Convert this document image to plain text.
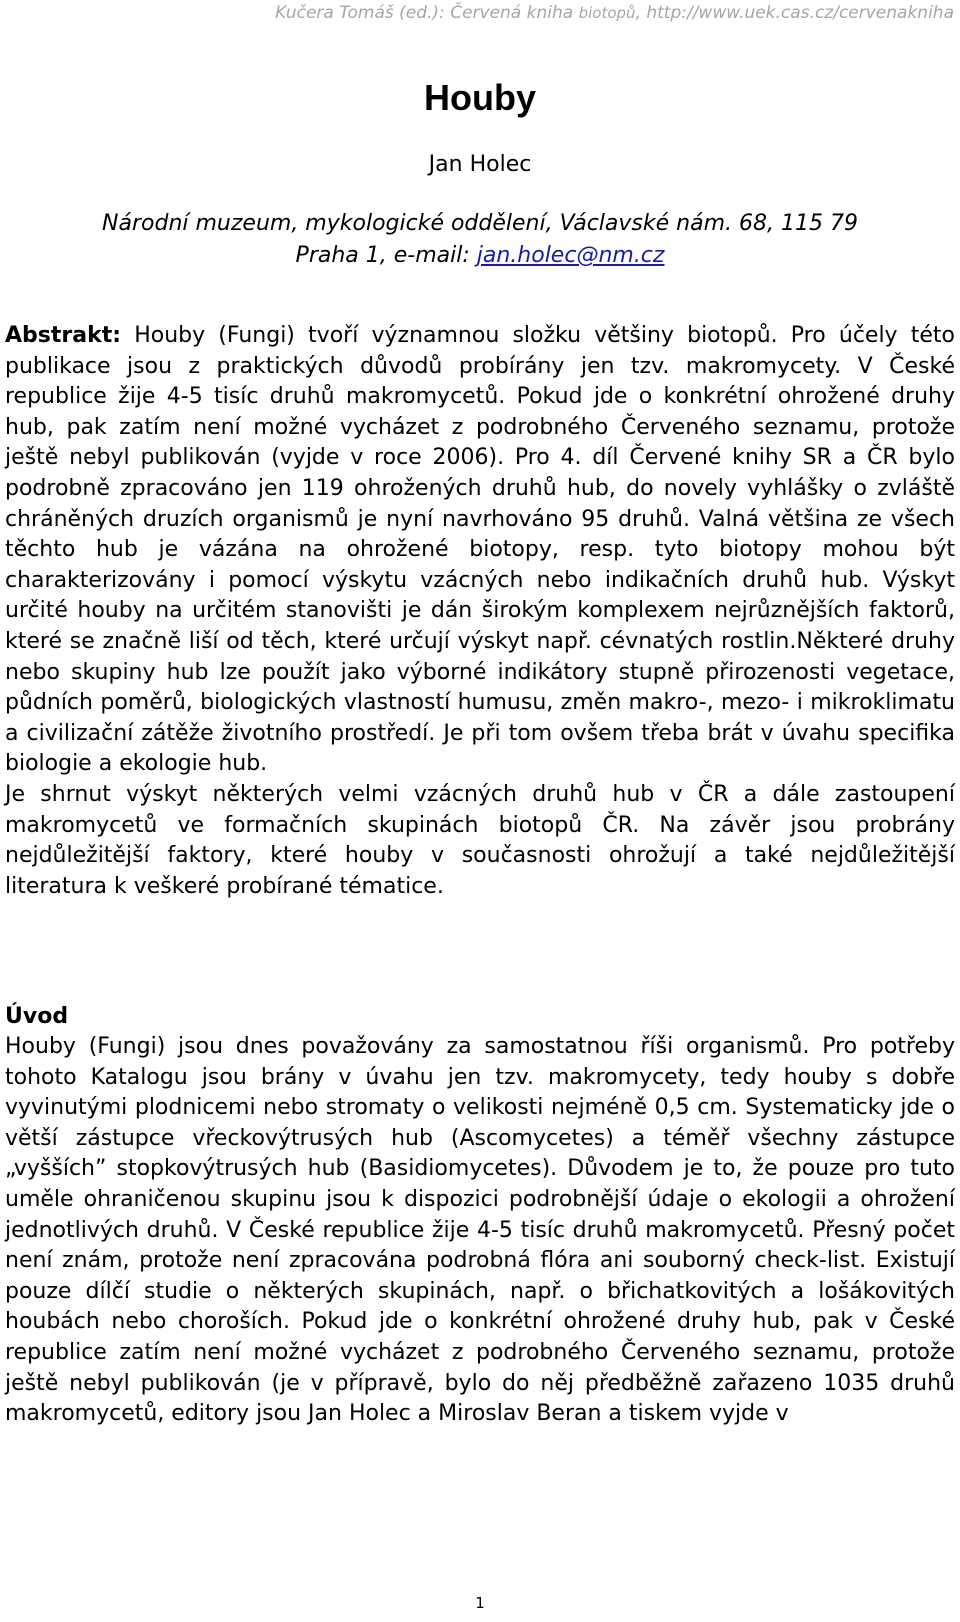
Kučera Tomáš (ed.): Červená kniha biotopů, http://www.uek.cas.cz/cervenakniha
Houby
Jan Holec
Národní muzeum, mykologické oddělení, Václavské nám. 68, 115 79
Praha 1, e-mail: jan.holec@nm.cz
Abstrakt: Houby (Fungi) tvoří významnou složku většiny biotopů. Pro účely této publikace jsou z praktických důvodů probírány jen tzv. makromycety. V České republice žije 4-5 tisíc druhů makromycetů. Pokud jde o konkrétní ohrožené druhy hub, pak zatím není možné vycházet z podrobného Červeného seznamu, protože ještě nebyl publikován (vyjde v roce 2006). Pro 4. díl Červené knihy SR a ČR bylo podrobně zpracováno jen 119 ohrožených druhů hub, do novely vyhlášky o zvláště chráněných druzích organismů je nyní navrhováno 95 druhů. Valná většina ze všech těchto hub je vázána na ohrožené biotopy, resp. tyto biotopy mohou být charakterizovány i pomocí výskytu vzácných nebo indikačních druhů hub. Výskyt určité houby na určitém stanovišti je dán širokým komplexem nejrůznějších faktorů, které se značně liší od těch, které určují výskyt např. cévnatých rostlin.Některé druhy nebo skupiny hub lze použít jako výborné indikátory stupně přirozenosti vegetace, půdních poměrů, biologických vlastností humusu, změn makro-, mezo- i mikroklimatu a civilizační zátěže životního prostředí. Je při tom ovšem třeba brát v úvahu specifika biologie a ekologie hub.
Je shrnut výskyt některých velmi vzácných druhů hub v ČR a dále zastoupení makromycetů ve formačních skupinách biotopů ČR. Na závěr jsou probrány nejdůležitější faktory, které houby v současnosti ohrožují a také nejdůležitější literatura k veškeré probírané tématice.
Úvod
Houby (Fungi) jsou dnes považovány za samostatnou říši organismů. Pro potřeby tohoto Katalogu jsou brány v úvahu jen tzv. makromycety, tedy houby s dobře vyvinutými plodnicemi nebo stromaty o velikosti nejméně 0,5 cm. Systematicky jde o větší zástupce vřeckovýtrusých hub (Ascomycetes) a téměř všechny zástupce „vyšších” stopkovýtrusých hub (Basidiomycetes). Důvodem je to, že pouze pro tuto uměle ohraničenou skupinu jsou k dispozici podrobnější údaje o ekologii a ohrožení jednotlivých druhů. V České republice žije 4-5 tisíc druhů makromycetů. Přesný počet není znám, protože není zpracována podrobná flóra ani souborný check-list. Existují pouze dílčí studie o některých skupinách, např. o břichatkovitých a lošákovitých houbách nebo choroších. Pokud jde o konkrétní ohrožené druhy hub, pak v České republice zatím není možné vycházet z podrobného Červeného seznamu, protože ještě nebyl publikován (je v přípravě, bylo do něj předběžně zařazeno 1035 druhů makromycetů, editory jsou Jan Holec a Miroslav Beran a tiskem vyjde v
1
